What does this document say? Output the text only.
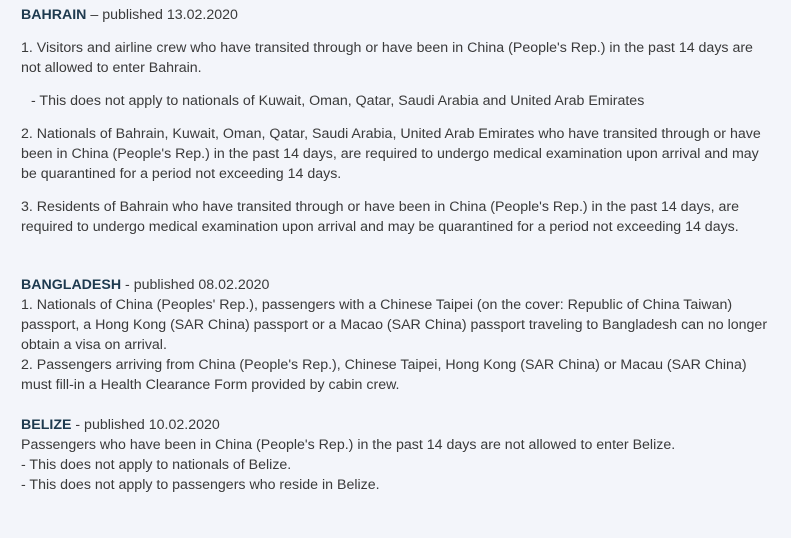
BAHRAIN – published 13.02.2020

1. Visitors and airline crew who have transited through or have been in China (People's Rep.) in the past 14 days are not allowed to enter Bahrain.

- This does not apply to nationals of Kuwait, Oman, Qatar, Saudi Arabia and United Arab Emirates

2. Nationals of Bahrain, Kuwait, Oman, Qatar, Saudi Arabia, United Arab Emirates who have transited through or have been in China (People's Rep.) in the past 14 days, are required to undergo medical examination upon arrival and may be quarantined for a period not exceeding 14 days.

3. Residents of Bahrain who have transited through or have been in China (People's Rep.) in the past 14 days, are required to undergo medical examination upon arrival and may be quarantined for a period not exceeding 14 days.

BANGLADESH - published 08.02.2020

1. Nationals of China (Peoples' Rep.), passengers with a Chinese Taipei (on the cover: Republic of China Taiwan) passport, a Hong Kong (SAR China) passport or a Macao (SAR China) passport traveling to Bangladesh can no longer obtain a visa on arrival.

2. Passengers arriving from China (People's Rep.), Chinese Taipei, Hong Kong (SAR China) or Macau (SAR China) must fill-in a Health Clearance Form provided by cabin crew.

BELIZE - published 10.02.2020

Passengers who have been in China (People's Rep.) in the past 14 days are not allowed to enter Belize.

- This does not apply to nationals of Belize.

- This does not apply to passengers who reside in Belize.
